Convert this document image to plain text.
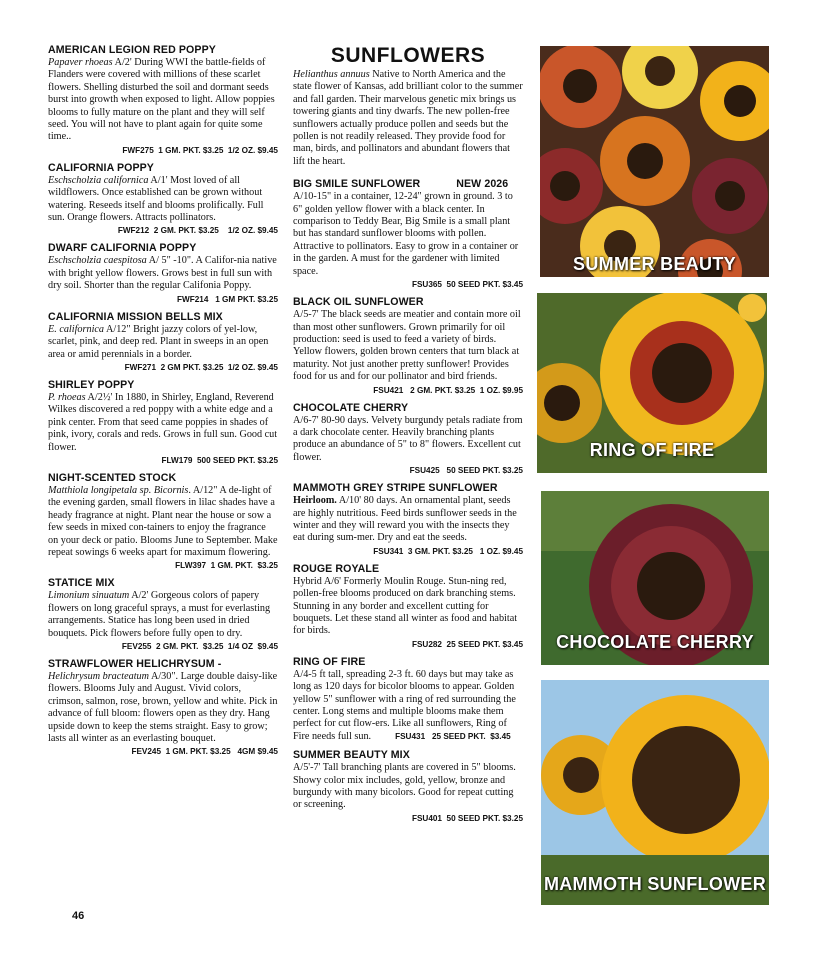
AMERICAN LEGION RED POPPY
Papaver rhoeas A/2' During WWI the battle-fields of Flanders were covered with millions of these scarlet flowers. Shelling disturbed the soil and dormant seeds burst into growth when exposed to light. Allow poppies blooms to fully mature on the plant and they will self seed. You will not have to plant again for quite some time..
FWF275  1 GM. PKT. $3.25  1/2 OZ. $9.45
CALIFORNIA POPPY
Eschscholzia californica A/1' Most loved of all wildflowers. Once established can be grown without watering. Reseeds itself and blooms prolifically. Full sun. Orange flowers. Attracts pollinators.
FWF212  2 GM. PKT. $3.25    1/2 OZ. $9.45
DWARF CALIFORNIA POPPY
Eschscholzia caespitosa A/ 5" -10". A Califor-nia native with bright yellow flowers. Grows best in full sun with dry soil. Shorter than the regular Califonia Poppy.
FWF214   1 GM PKT. $3.25
CALIFORNIA MISSION BELLS MIX
E. californica A/12" Bright jazzy colors of yel-low, scarlet, pink, and deep red. Plant in sweeps in an open area or amid perennials in a border.
FWF271  2 GM PKT. $3.25  1/2 OZ. $9.45
SHIRLEY POPPY
P. rhoeas A/2½' In 1880, in Shirley, England, Reverend Wilkes discovered a red poppy with a white edge and a pink center. From that seed came poppies in shades of pink, ivory, corals and reds. Grows in full sun. Good cut flower.
FLW179  500 SEED PKT. $3.25
NIGHT-SCENTED STOCK
Matthiola longipetala sp. Bicornis. A/12" A de-light of the evening garden, small flowers in lilac shades have a heady fragrance at night. Plant near the house or sow a few seeds in mixed con-tainers to enjoy the fragrance on your deck or patio. Blooms June to September. Make repeat sowings 6 weeks apart for maximum flowering.
FLW397  1 GM. PKT.  $3.25
STATICE MIX
Limonium sinuatum A/2' Gorgeous colors of papery flowers on long graceful sprays, a must for everlasting arrangements. Statice has long been used in dried bouquets. Pick flowers before fully open to dry.
FEV255  2 GM. PKT.  $3.25  1/4 OZ  $9.45
STRAWFLOWER HELICHRYSUM -
Helichrysum bracteatum A/30". Large double daisy-like flowers. Blooms July and August. Vivid colors, crimson, salmon, rose, brown, yellow and white. Pick in advance of full bloom: flowers open as they dry. Hang upside down to keep the stems straight. Easy to grow; lasts all winter as an everlasting bouquet.
FEV245  1 GM. PKT. $3.25   4GM $9.45
SUNFLOWERS
Helianthus annuus Native to North America and the state flower of Kansas, add brilliant color to the summer and fall garden. Their marvelous genetic mix brings us towering giants and tiny dwarfs. The new pollen-free sunflowers actually produce pollen and seeds but the pollen is not readily released. They provide food for man, birds, and pollinators and abundant flowers that lift the heart.
BIG SMILE SUNFLOWER	NEW 2026
A/10-15" in a container, 12-24" grown in ground. 3 to 6" golden yellow flower with a black center. In comparison to Teddy Bear, Big Smile is a small plant but has standard sunflower blooms with pollen. Attractive to pollinators. Easy to grow in a container or in the garden. A must for the gardener with limited space.
FSU365  50 SEED PKT. $3.45
BLACK OIL SUNFLOWER
A/5-7' The black seeds are meatier and contain more oil than most other sunflowers. Grown primarily for oil production: seed is used to feed a variety of birds. Yellow flowers, golden brown centers that turn black at maturity. Not just another pretty sunflower! Provides food for us and for our pollinator and bird friends.
FSU421   2 GM. PKT. $3.25  1 OZ. $9.95
CHOCOLATE CHERRY
A/6-7' 80-90 days. Velvety burgundy petals radiate from a dark chocolate center. Heavily branching plants produce an abundance of 5" to 8" flowers. Excellent cut flower.
FSU425   50 SEED PKT. $3.25
MAMMOTH GREY STRIPE SUNFLOWER
Heirloom. A/10' 80 days. An ornamental plant, seeds are highly nutritious. Feed birds sunflower seeds in the winter and they will reward you with the insects they eat during sum-mer. Dry and eat the seeds.
FSU341  3 GM. PKT. $3.25   1 OZ. $9.45
ROUGE ROYALE
Hybrid A/6' Formerly Moulin Rouge. Stun-ning red, pollen-free blooms produced on dark branching stems. Stunning in any border and excellent cutting for bouquets. Let these stand all winter as food and habitat for birds.
FSU282  25 SEED PKT. $3.45
RING OF FIRE
A/4-5 ft tall, spreading 2-3 ft. 60 days but may take as long as 120 days for bicolor blooms to appear. Golden yellow 5" sunflower with a ring of red surrounding the center. Long stems and multiple blooms make them perfect for cut flow-ers. Like all sunflowers, Ring of Fire needs full sun.	FSU431   25 SEED PKT.  $3.45
SUMMER BEAUTY MIX
A/5'-7' Tall branching plants are covered in 5" blooms. Showy color mix includes, gold, yellow, bronze and burgundy with many bicolors. Good for repeat cutting or screening.
FSU401  50 SEED PKT. $3.25
SUMMER BEAUTY
RING OF FIRE
CHOCOLATE CHERRY
MAMMOTH SUNFLOWER
46
